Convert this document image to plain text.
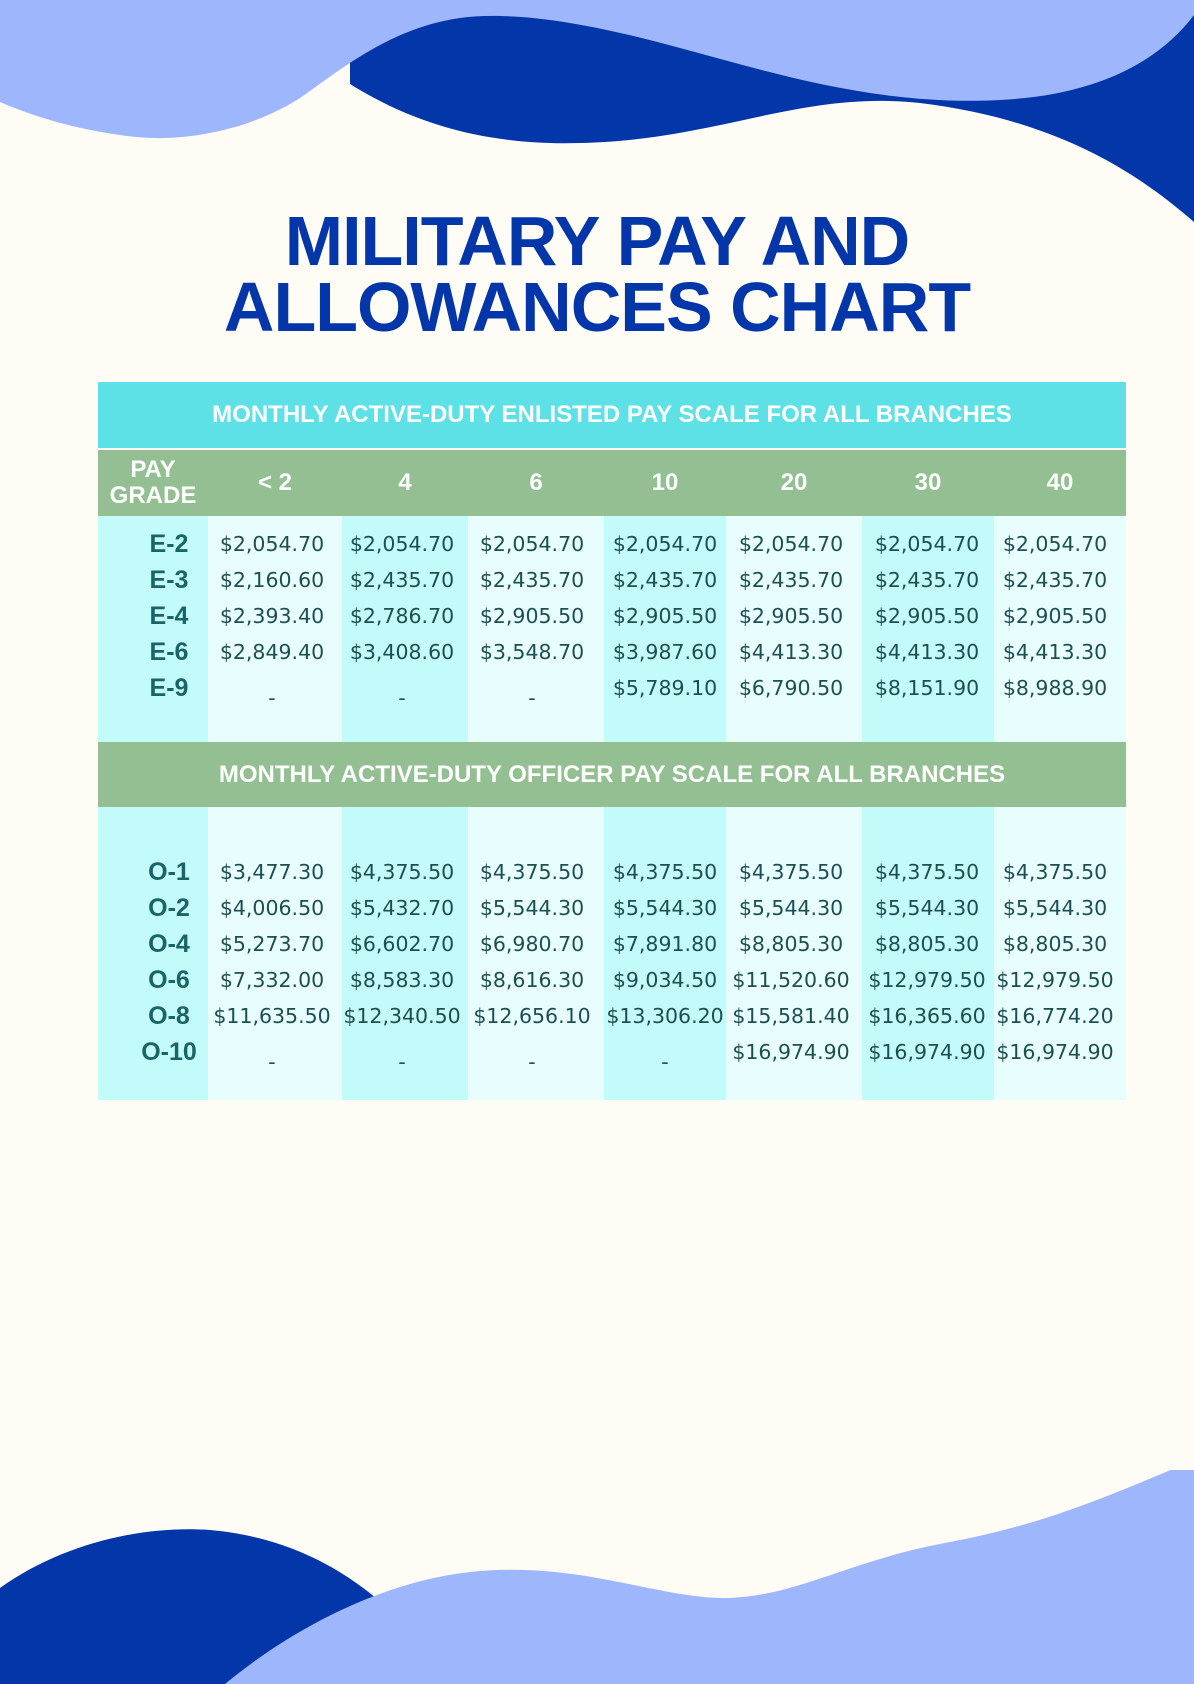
MILITARY PAY AND
ALLOWANCES CHART
MONTHLY ACTIVE-DUTY ENLISTED PAY SCALE FOR ALL BRANCHES
PAY GRADE	< 2	4	6	10	20	30	40
MONTHLY ACTIVE-DUTY OFFICER PAY SCALE FOR ALL BRANCHES
E-2 $2,054.70 $2,054.70 $2,054.70 $2,054.70 $2,054.70 $2,054.70 $2,054.70
E-3 $2,160.60 $2,435.70 $2,435.70 $2,435.70 $2,435.70 $2,435.70 $2,435.70
E-4 $2,393.40 $2,786.70 $2,905.50 $2,905.50 $2,905.50 $2,905.50 $2,905.50
E-6 $2,849.40 $3,408.60 $3,548.70 $3,987.60 $4,413.30 $4,413.30 $4,413.30
E-9	-	-	-	$5,789.10 $6,790.50 $8,151.90 $8,988.90
O-1 $3,477.30 $4,375.50 $4,375.50 $4,375.50 $4,375.50 $4,375.50 $4,375.50
O-2 $4,006.50 $5,432.70 $5,544.30 $5,544.30 $5,544.30 $5,544.30 $5,544.30
O-4 $5,273.70 $6,602.70 $6,980.70 $7,891.80 $8,805.30 $8,805.30 $8,805.30
O-6 $7,332.00 $8,583.30 $8,616.30 $9,034.50 $11,520.60 $12,979.50 $12,979.50
O-8 $11,635.50 $12,340.50 $12,656.10 $13,306.20 $15,581.40 $16,365.60 $16,774.20
O-10	-	-	-	-	$16,974.90 $16,974.90 $16,974.90
